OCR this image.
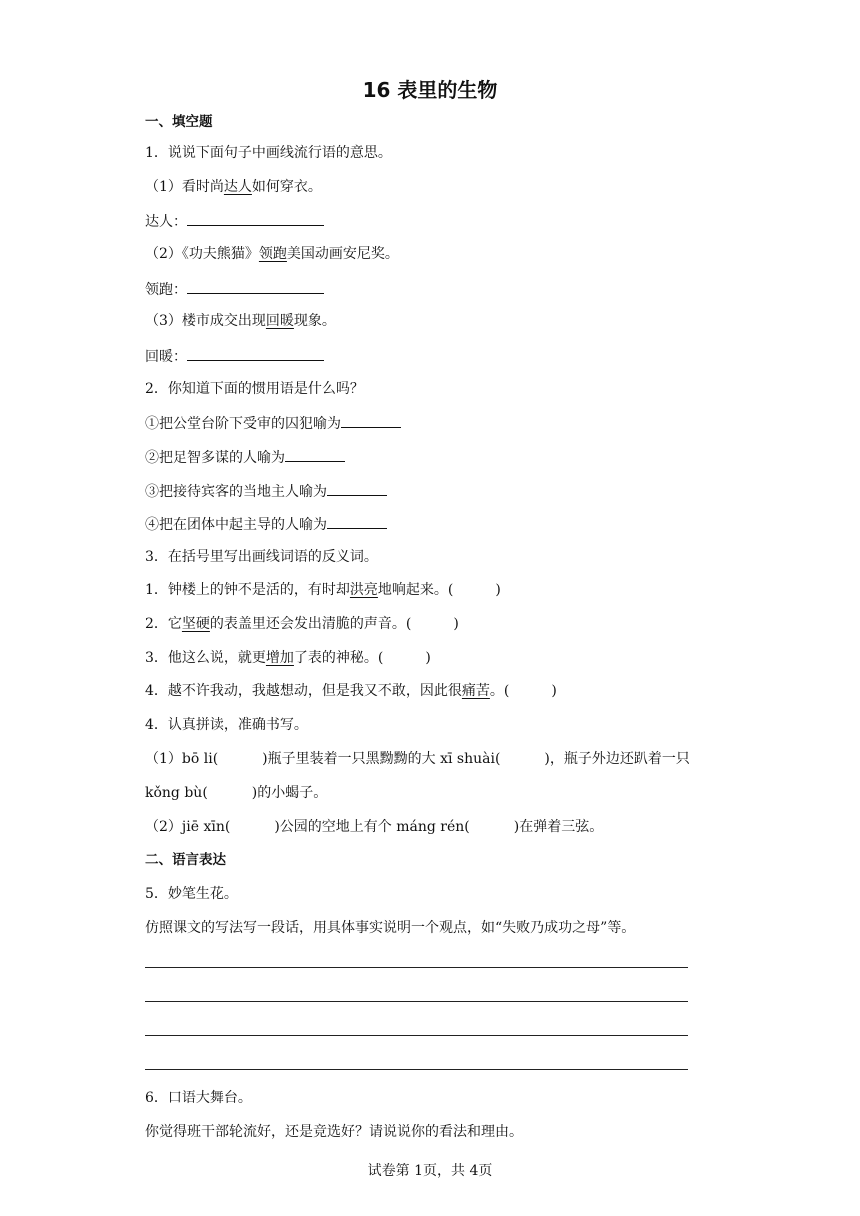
16 表里的生物
一、填空题
1．说说下面句子中画线流行语的意思。
（1）看时尚达人如何穿衣。
达人：
（2）《功夫熊猫》领跑美国动画安尼奖。
领跑：
（3）楼市成交出现回暖现象。
回暖：
2．你知道下面的惯用语是什么吗？
①把公堂台阶下受审的囚犯喻为
②把足智多谋的人喻为
③把接待宾客的当地主人喻为
④把在团体中起主导的人喻为
3．在括号里写出画线词语的反义词。
1．钟楼上的钟不是活的，有时却洪亮地响起来。(	)
2．它坚硬的表盖里还会发出清脆的声音。(	)
3．他这么说，就更增加了表的神秘。(	)
4．越不许我动，我越想动，但是我又不敢，因此很痛苦。(	)
4．认真拼读，准确书写。
（1）bō li(	)瓶子里装着一只黑黝黝的大 xī shuài(	)，瓶子外边还趴着一只
kǒng bù(	)的小蝎子。
（2）jiē xīn(	)公园的空地上有个 máng rén(	)在弹着三弦。
二、语言表达
5．妙笔生花。
仿照课文的写法写一段话，用具体事实说明一个观点，如“失败乃成功之母”等。
6．口语大舞台。
你觉得班干部轮流好，还是竞选好？请说说你的看法和理由。
试卷第 1页，共 4页
